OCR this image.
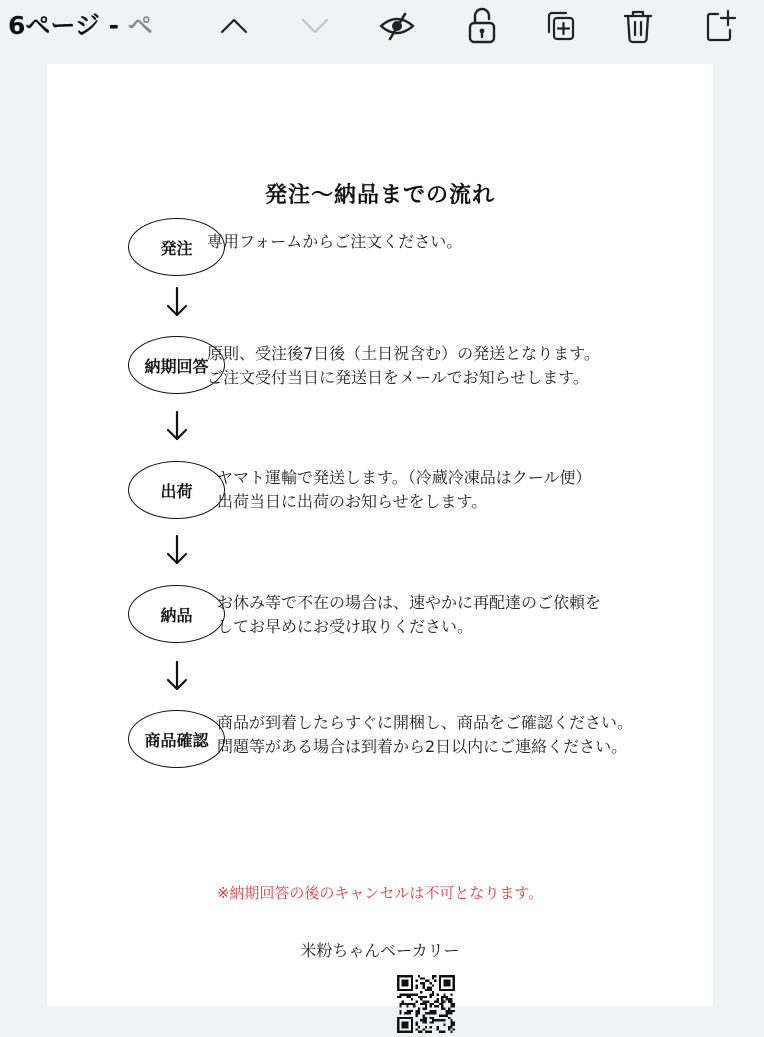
6ページ - ペ
発注〜納品までの流れ
発注 専用フォームからご注文ください。
納期回答
原則、受注後7日後（土日祝含む）の発送となります。
ご注文受付当日に発送日をメールでお知らせします。
出荷
ヤマト運輸で発送します。（冷蔵冷凍品はクール便）
出荷当日に出荷のお知らせをします。
納品
お休み等で不在の場合は、速やかに再配達のご依頼を
してお早めにお受け取りください。
商品確認
商品が到着したらすぐに開梱し、商品をご確認ください。
問題等がある場合は到着から2日以内にご連絡ください。
※納期回答の後のキャンセルは不可となります。
米粉ちゃんベーカリー
